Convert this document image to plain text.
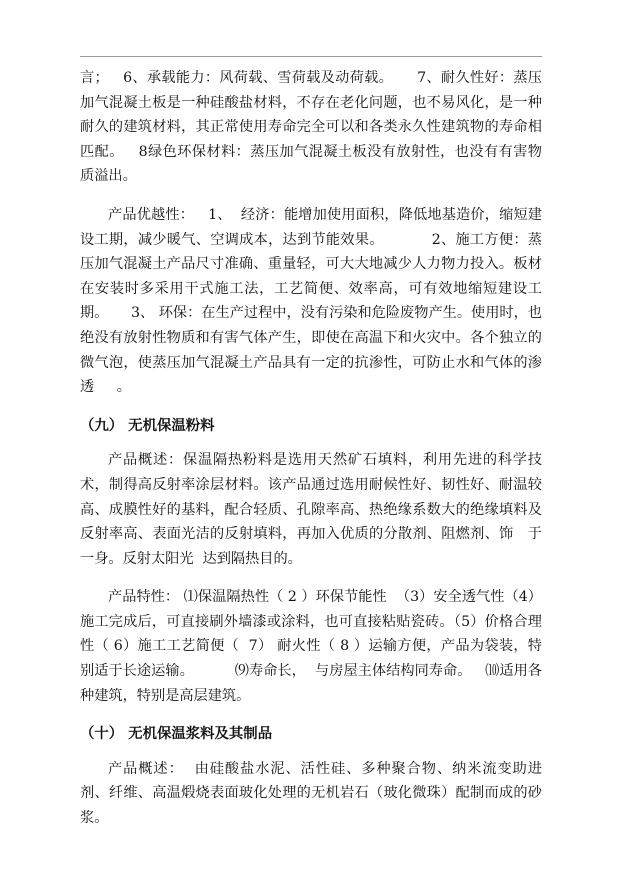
言；   6、承载能力：风荷载、雪荷载及动荷载。     7、耐久性好：蒸压加气混凝土板是一种硅酸盐材料，不存在老化问题，也不易风化，是一种耐久的建筑材料，其正常使用寿命完全可以和各类永久性建筑物的寿命相匹配。   8绿色环保材料：蒸压加气混凝土板没有放射性，也没有有害物质溢出。

产品优越性：   1、  经济：能增加使用面积，降低地基造价，缩短建设工期，减少暖气、空调成本，达到节能效果。          2、施工方便：蒸压加气混凝土产品尺寸准确、重量轻，可大大地减少人力物力投入。板材在安装时多采用干式施工法，工艺简便、效率高，可有效地缩短建设工期。     3、 环保：在生产过程中，没有污染和危险废物产生。使用时，也绝没有放射性物质和有害气体产生，即使在高温下和火灾中。各个独立的微气泡，使蒸压加气混凝土产品具有一定的抗渗性，可防止水和气体的渗透     。

（九） 无机保温粉料

产品概述：保温隔热粉料是选用天然矿石填料，利用先进的科学技术，制得高反射率涂层材料。该产品通过选用耐候性好、韧性好、耐温较高、成膜性好的基料，配合轻质、孔隙率高、热绝缘系数大的绝缘填料及反射率高、表面光洁的反射填料，再加入优质的分散剂、阻燃剂、饰   于一身。反射太阳光  达到隔热目的。

产品特性： ⑴保温隔热性（ 2 ）环保节能性  （3）安全透气性（4）施工完成后，可直接刷外墙漆或涂料，也可直接粘贴瓷砖。（5）价格合理性（ 6）施工工艺简便（  7） 耐火性（ 8 ）运输方便，产品为袋装，特别适于长途运输。         ⑼寿命长，  与房屋主体结构同寿命。   ⑽适用各种建筑，特别是高层建筑。

（十） 无机保温浆料及其制品

产品概述：  由硅酸盐水泥、活性硅、多种聚合物、纳米流变助进剂、纤维、高温煅烧表面玻化处理的无机岩石（玻化微珠）配制而成的砂浆。
